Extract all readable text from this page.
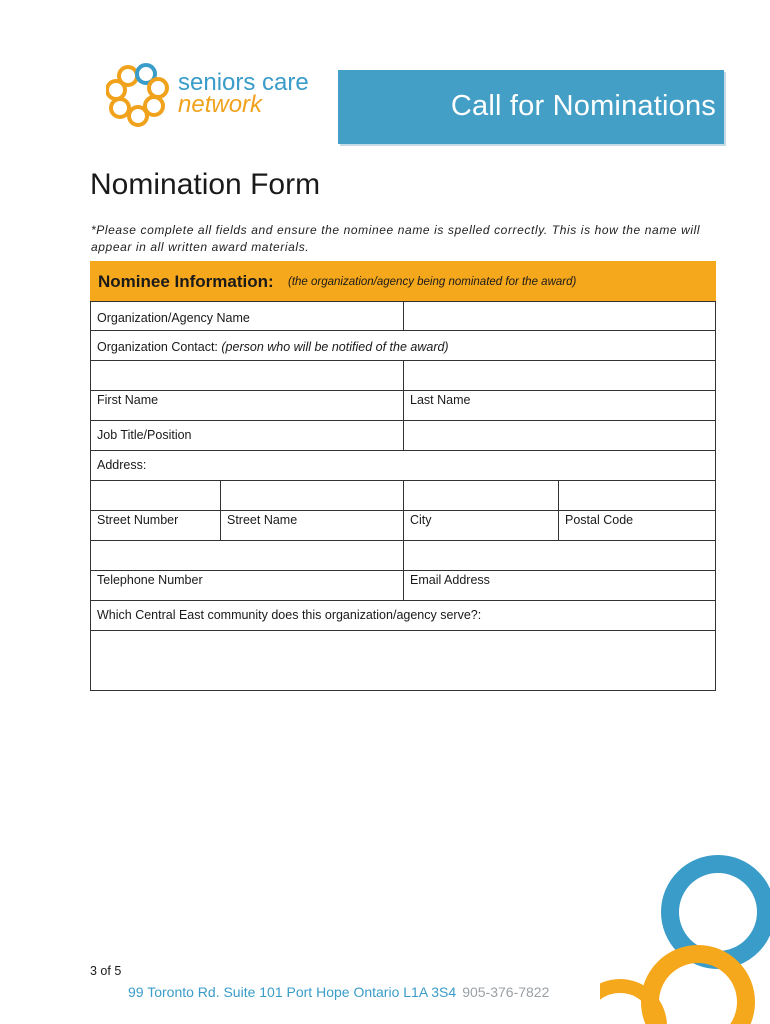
seniors care
network	Call for Nominations
Nomination Form
*Please complete all fields and ensure the nominee name is spelled correctly. This is how the name will appear in all written award materials.
Nominee Information: (the organization/agency being nominated for the award)
Organization/Agency Name
Organization Contact: (person who will be notified of the award)
First Name	Last Name
Job Title/Position
Address:
Street Number	Street Name	City	Postal Code
Telephone Number	Email Address
Which Central East community does this organization/agency serve?:
3 of 5
99 Toronto Rd. Suite 101 Port Hope Ontario L1A 3S4 905-376-7822
